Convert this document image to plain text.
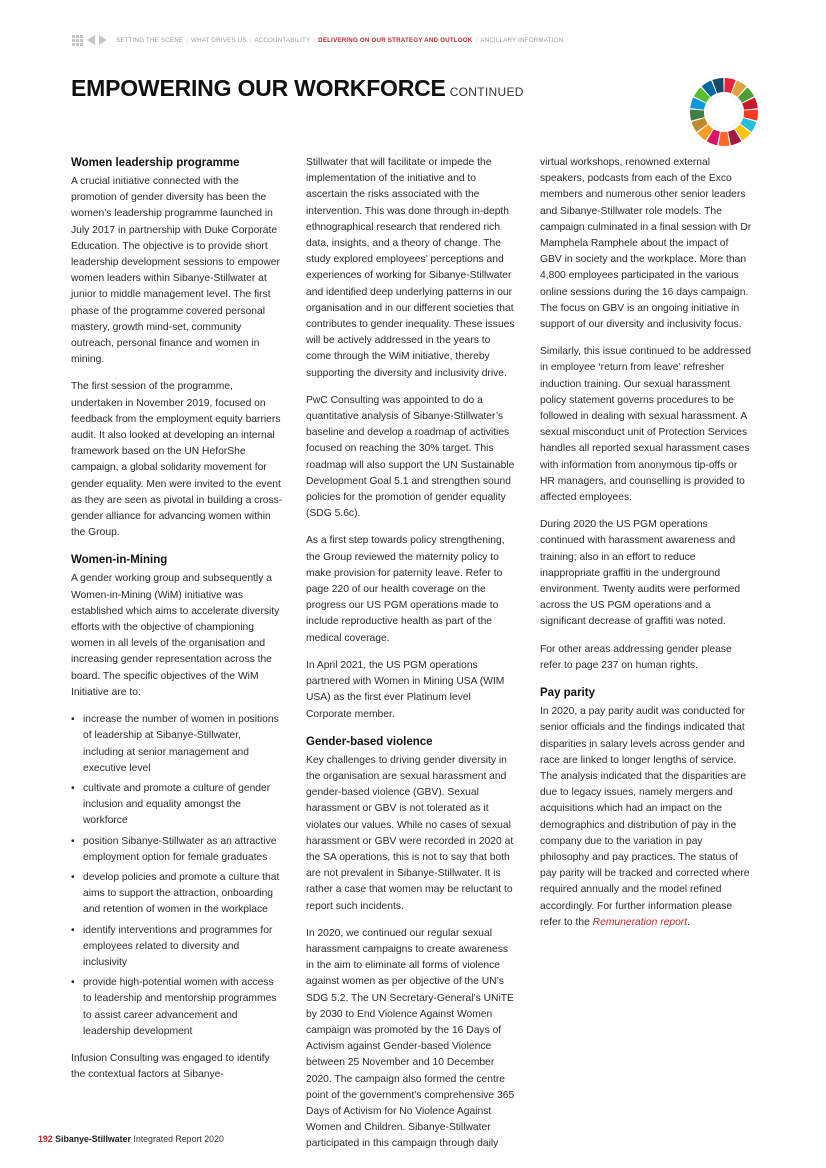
SETTING THE SCENE | WHAT DRIVES US | ACCOUNTABILITY | DELIVERING ON OUR STRATEGY AND OUTLOOK | ANCILLARY INFORMATION
EMPOWERING OUR WORKFORCE CONTINUED
Women leadership programme

A crucial initiative connected with the promotion of gender diversity has been the women’s leadership programme launched in July 2017 in partnership with Duke Corporate Education. The objective is to provide short leadership development sessions to empower women leaders within Sibanye-Stillwater at junior to middle management level. The first phase of the programme covered personal mastery, growth mind-set, community outreach, personal finance and women in mining.

The first session of the programme, undertaken in November 2019, focused on feedback from the employment equity barriers audit. It also looked at developing an internal framework based on the UN HeforShe campaign, a global solidarity movement for gender equality. Men were invited to the event as they are seen as pivotal in building a cross-gender alliance for advancing women within the Group.

Women-in-Mining

A gender working group and subsequently a Women-in-Mining (WiM) initiative was established which aims to accelerate diversity efforts with the objective of championing women in all levels of the organisation and increasing gender representation across the board. The specific objectives of the WiM Initiative are to:

• increase the number of women in positions of leadership at Sibanye-Stillwater, including at senior management and executive level
• cultivate and promote a culture of gender inclusion and equality amongst the workforce
• position Sibanye-Stillwater as an attractive employment option for female graduates
• develop policies and promote a culture that aims to support the attraction, onboarding and retention of women in the workplace
• identify interventions and programmes for employees related to diversity and inclusivity
• provide high-potential women with access to leadership and mentorship programmes to assist career advancement and leadership development

Infusion Consulting was engaged to identify the contextual factors at Sibanye-

Stillwater that will facilitate or impede the implementation of the initiative and to ascertain the risks associated with the intervention. This was done through in-depth ethnographical research that rendered rich data, insights, and a theory of change. The study explored employees’ perceptions and experiences of working for Sibanye-Stillwater and identified deep underlying patterns in our organisation and in our different societies that contributes to gender inequality. These issues will be actively addressed in the years to come through the WiM initiative, thereby supporting the diversity and inclusivity drive.

PwC Consulting was appointed to do a quantitative analysis of Sibanye-Stillwater’s baseline and develop a roadmap of activities focused on reaching the 30% target. This roadmap will also support the UN Sustainable Development Goal 5.1 and strengthen sound policies for the promotion of gender equality (SDG 5.6c).

As a first step towards policy strengthening, the Group reviewed the maternity policy to make provision for paternity leave. Refer to page 220 of our health coverage on the progress our US PGM operations made to include reproductive health as part of the medical coverage.

In April 2021, the US PGM operations partnered with Women in Mining USA (WIM USA) as the first ever Platinum level Corporate member.

Gender-based violence

Key challenges to driving gender diversity in the organisation are sexual harassment and gender-based violence (GBV). Sexual harassment or GBV is not tolerated as it violates our values. While no cases of sexual harassment or GBV were recorded in 2020 at the SA operations, this is not to say that both are not prevalent in Sibanye-Stillwater. It is rather a case that women may be reluctant to report such incidents.

In 2020, we continued our regular sexual harassment campaigns to create awareness in the aim to eliminate all forms of violence against women as per objective of the UN’s SDG 5.2. The UN Secretary-General’s UNiTE by 2030 to End Violence Against Women campaign was promoted by the 16 Days of Activism against Gender-based Violence between 25 November and 10 December 2020. The campaign also formed the centre point of the government’s comprehensive 365 Days of Activism for No Violence Against Women and Children. Sibanye-Stillwater participated in this campaign through daily

virtual workshops, renowned external speakers, podcasts from each of the Exco members and numerous other senior leaders and Sibanye-Stillwater role models. The campaign culminated in a final session with Dr Mamphela Ramphele about the impact of GBV in society and the workplace. More than 4,800 employees participated in the various online sessions during the 16 days campaign. The focus on GBV is an ongoing initiative in support of our diversity and inclusivity focus.

Similarly, this issue continued to be addressed in employee ‘return from leave’ refresher induction training. Our sexual harassment policy statement governs procedures to be followed in dealing with sexual harassment. A sexual misconduct unit of Protection Services handles all reported sexual harassment cases with information from anonymous tip-offs or HR managers, and counselling is provided to affected employees.

During 2020 the US PGM operations continued with harassment awareness and training; also in an effort to reduce inappropriate graffiti in the underground environment. Twenty audits were performed across the US PGM operations and a significant decrease of graffiti was noted.

For other areas addressing gender please refer to page 237 on human rights.

Pay parity

In 2020, a pay parity audit was conducted for senior officials and the findings indicated that disparities in salary levels across gender and race are linked to longer lengths of service. The analysis indicated that the disparities are due to legacy issues, namely mergers and acquisitions which had an impact on the demographics and distribution of pay in the company due to the variation in pay philosophy and pay practices. The status of pay parity will be tracked and corrected where required annually and the model refined accordingly. For further information please refer to the Remuneration report.

192 Sibanye-Stillwater Integrated Report 2020
